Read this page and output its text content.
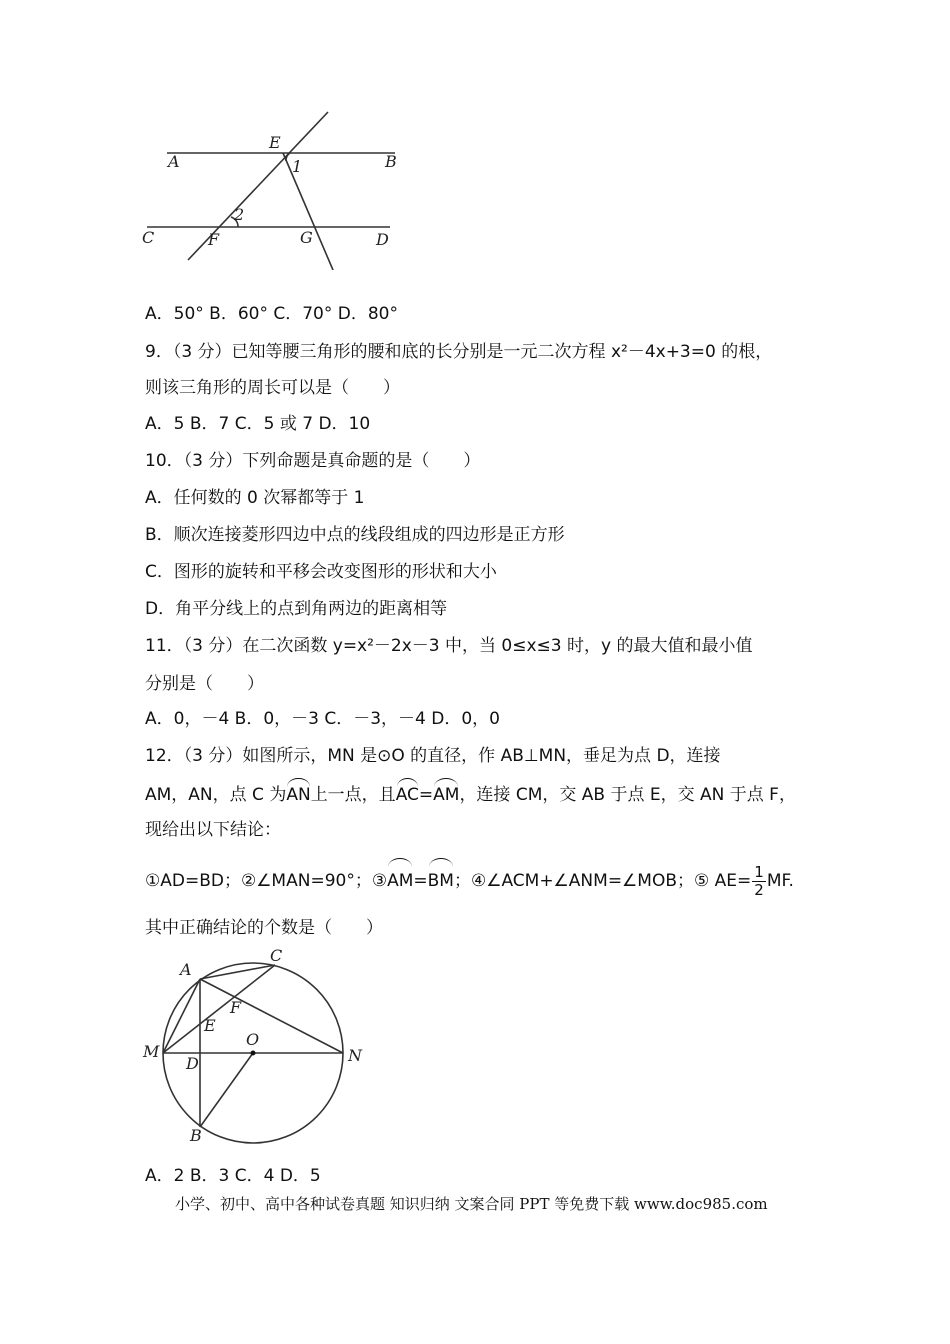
A	B
E
1
2
C	F	G	D
A．50° B．60° C．70° D．80°
9．（3 分）已知等腰三角形的腰和底的长分别是一元二次方程 x²－4x+3=0 的根，
则该三角形的周长可以是（　　）
A．5 B．7 C．5 或 7 D．10
10．（3 分）下列命题是真命题的是（　　）
A．任何数的 0 次幂都等于 1
B．顺次连接菱形四边中点的线段组成的四边形是正方形
C．图形的旋转和平移会改变图形的形状和大小
D．角平分线上的点到角两边的距离相等
11．（3 分）在二次函数 y=x²－2x－3 中，当 0≤x≤3 时，y 的最大值和最小值
分别是（　　）
A．0，－4 B．0，－3 C．－3，－4 D．0，0
12．（3 分）如图所示，MN 是⊙O 的直径，作 AB⊥MN，垂足为点 D，连接
AM，AN，点 C 为AN上一点，且AC=AM，连接 CM，交 AB 于点 E，交 AN 于点 F，
现给出以下结论：
①AD=BD；②∠MAN=90°；③AM=BM；④∠ACM+∠ANM=∠MOB；⑤ $AE= \frac{1}{2}$ MF.
其中正确结论的个数是（　　）
A
C
F
E
M
D
O
N
B
A．2 B．3 C．4 D．5
小学、初中、高中各种试卷真题 知识归纳 文案合同 PPT 等免费下载 www.doc985.com
